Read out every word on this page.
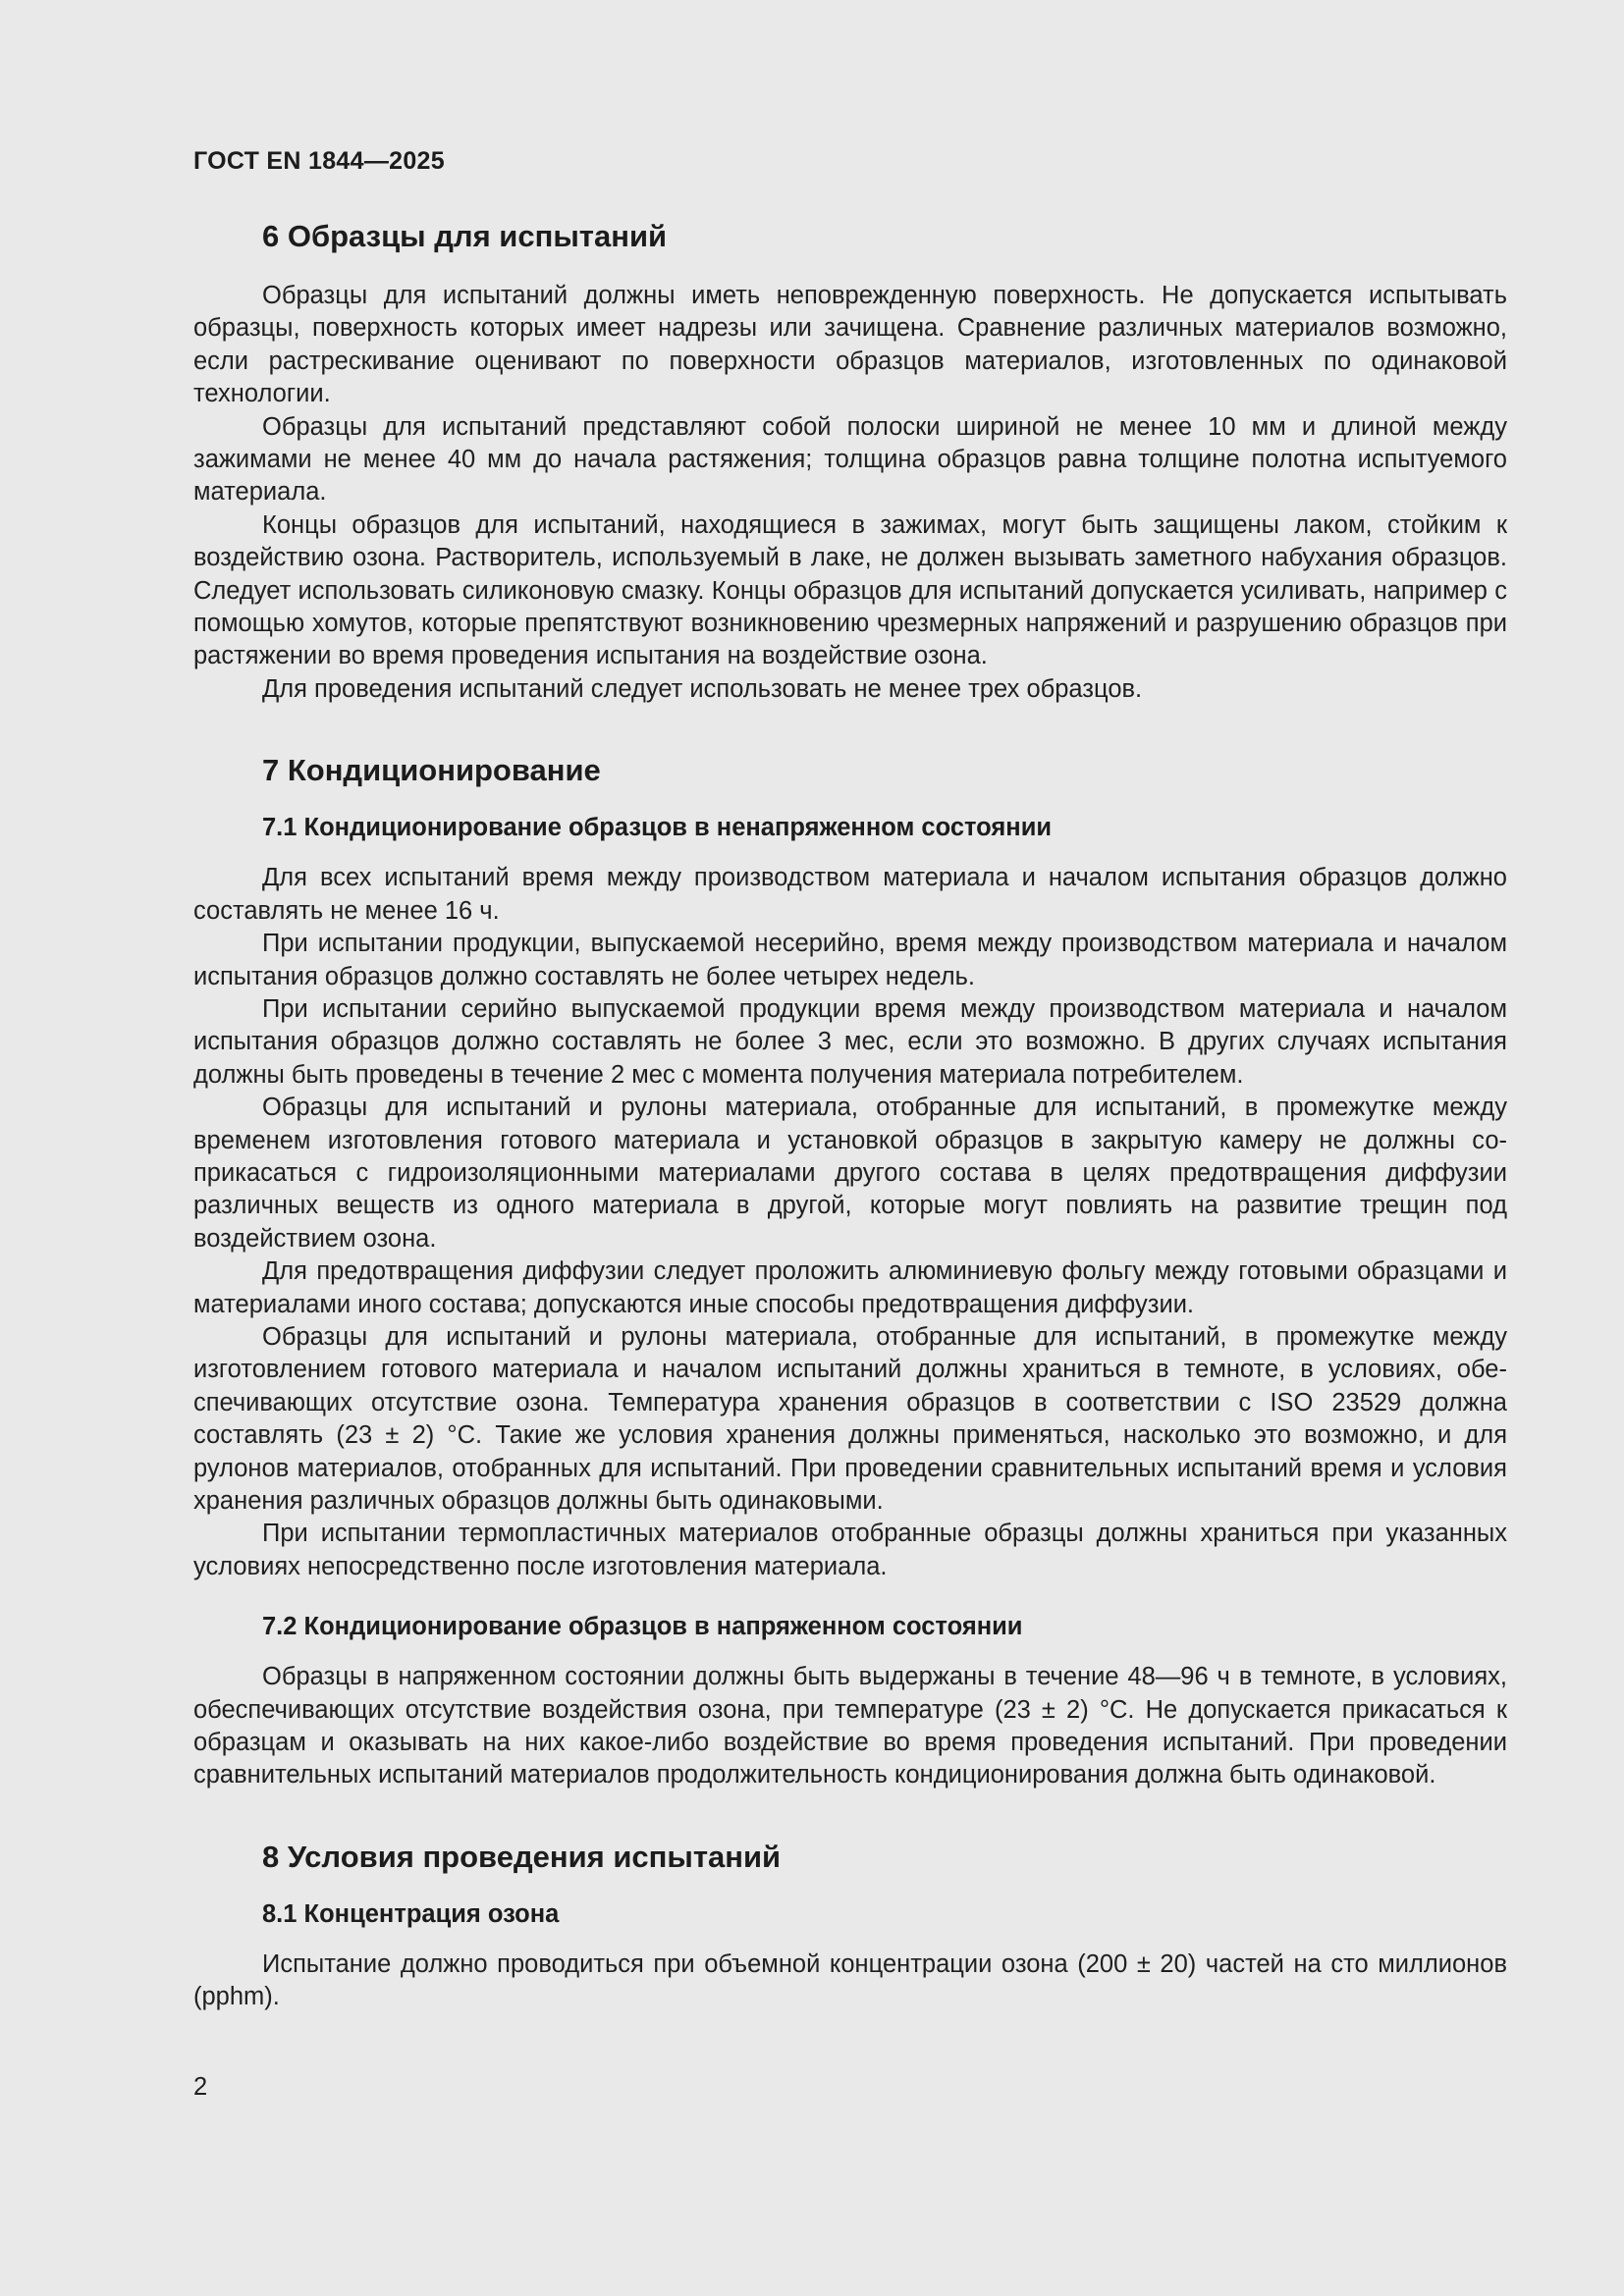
ГОСТ EN 1844—2025
6 Образцы для испытаний

Образцы для испытаний должны иметь неповрежденную поверхность. Не допускается испытывать образцы, поверхность которых имеет надрезы или зачищена. Сравнение различных материалов возможно, если растрескивание оценивают по поверхности образцов материалов, изготовленных по одинаковой технологии.

Образцы для испытаний представляют собой полоски шириной не менее 10 мм и длиной между зажимами не менее 40 мм до начала растяжения; толщина образцов равна толщине полотна испытуемого материала.

Концы образцов для испытаний, находящиеся в зажимах, могут быть защищены лаком, стойким к воздействию озона. Растворитель, используемый в лаке, не должен вызывать заметного набухания образцов. Следует использовать силиконовую смазку. Концы образцов для испытаний допускается усиливать, например с помощью хомутов, которые препятствуют возникновению чрезмерных напряжений и разрушению образцов при растяжении во время проведения испытания на воздействие озона.

Для проведения испытаний следует использовать не менее трех образцов.

7 Кондиционирование
7.1 Кондиционирование образцов в ненапряженном состоянии

Для всех испытаний время между производством материала и началом испытания образцов должно составлять не менее 16 ч.

При испытании продукции, выпускаемой несерийно, время между производством материала и началом испытания образцов должно составлять не более четырех недель.

При испытании серийно выпускаемой продукции время между производством материала и началом испытания образцов должно составлять не более 3 мес, если это возможно. В других случаях испытания должны быть проведены в течение 2 мес с момента получения материала потребителем.

Образцы для испытаний и рулоны материала, отобранные для испытаний, в промежутке между временем изготовления готового материала и установкой образцов в закрытую камеру не должны соприкасаться с гидроизоляционными материалами другого состава в целях предотвращения диффузии различных веществ из одного материала в другой, которые могут повлиять на развитие трещин под воздействием озона.

Для предотвращения диффузии следует проложить алюминиевую фольгу между готовыми образцами и материалами иного состава; допускаются иные способы предотвращения диффузии.

Образцы для испытаний и рулоны материала, отобранные для испытаний, в промежутке между изготовлением готового материала и началом испытаний должны храниться в темноте, в условиях, обеспечивающих отсутствие озона. Температура хранения образцов в соответствии с ISO 23529 должна составлять (23 ± 2) °С. Такие же условия хранения должны применяться, насколько это возможно, и для рулонов материалов, отобранных для испытаний. При проведении сравнительных испытаний время и условия хранения различных образцов должны быть одинаковыми.

При испытании термопластичных материалов отобранные образцы должны храниться при указанных условиях непосредственно после изготовления материала.

7.2 Кондиционирование образцов в напряженном состоянии

Образцы в напряженном состоянии должны быть выдержаны в течение 48—96 ч в темноте, в условиях, обеспечивающих отсутствие воздействия озона, при температуре (23 ± 2) °С. Не допускается прикасаться к образцам и оказывать на них какое-либо воздействие во время проведения испытаний. При проведении сравнительных испытаний материалов продолжительность кондиционирования должна быть одинаковой.

8 Условия проведения испытаний
8.1 Концентрация озона

Испытание должно проводиться при объемной концентрации озона (200 ± 20) частей на сто миллионов (pphm).

2
